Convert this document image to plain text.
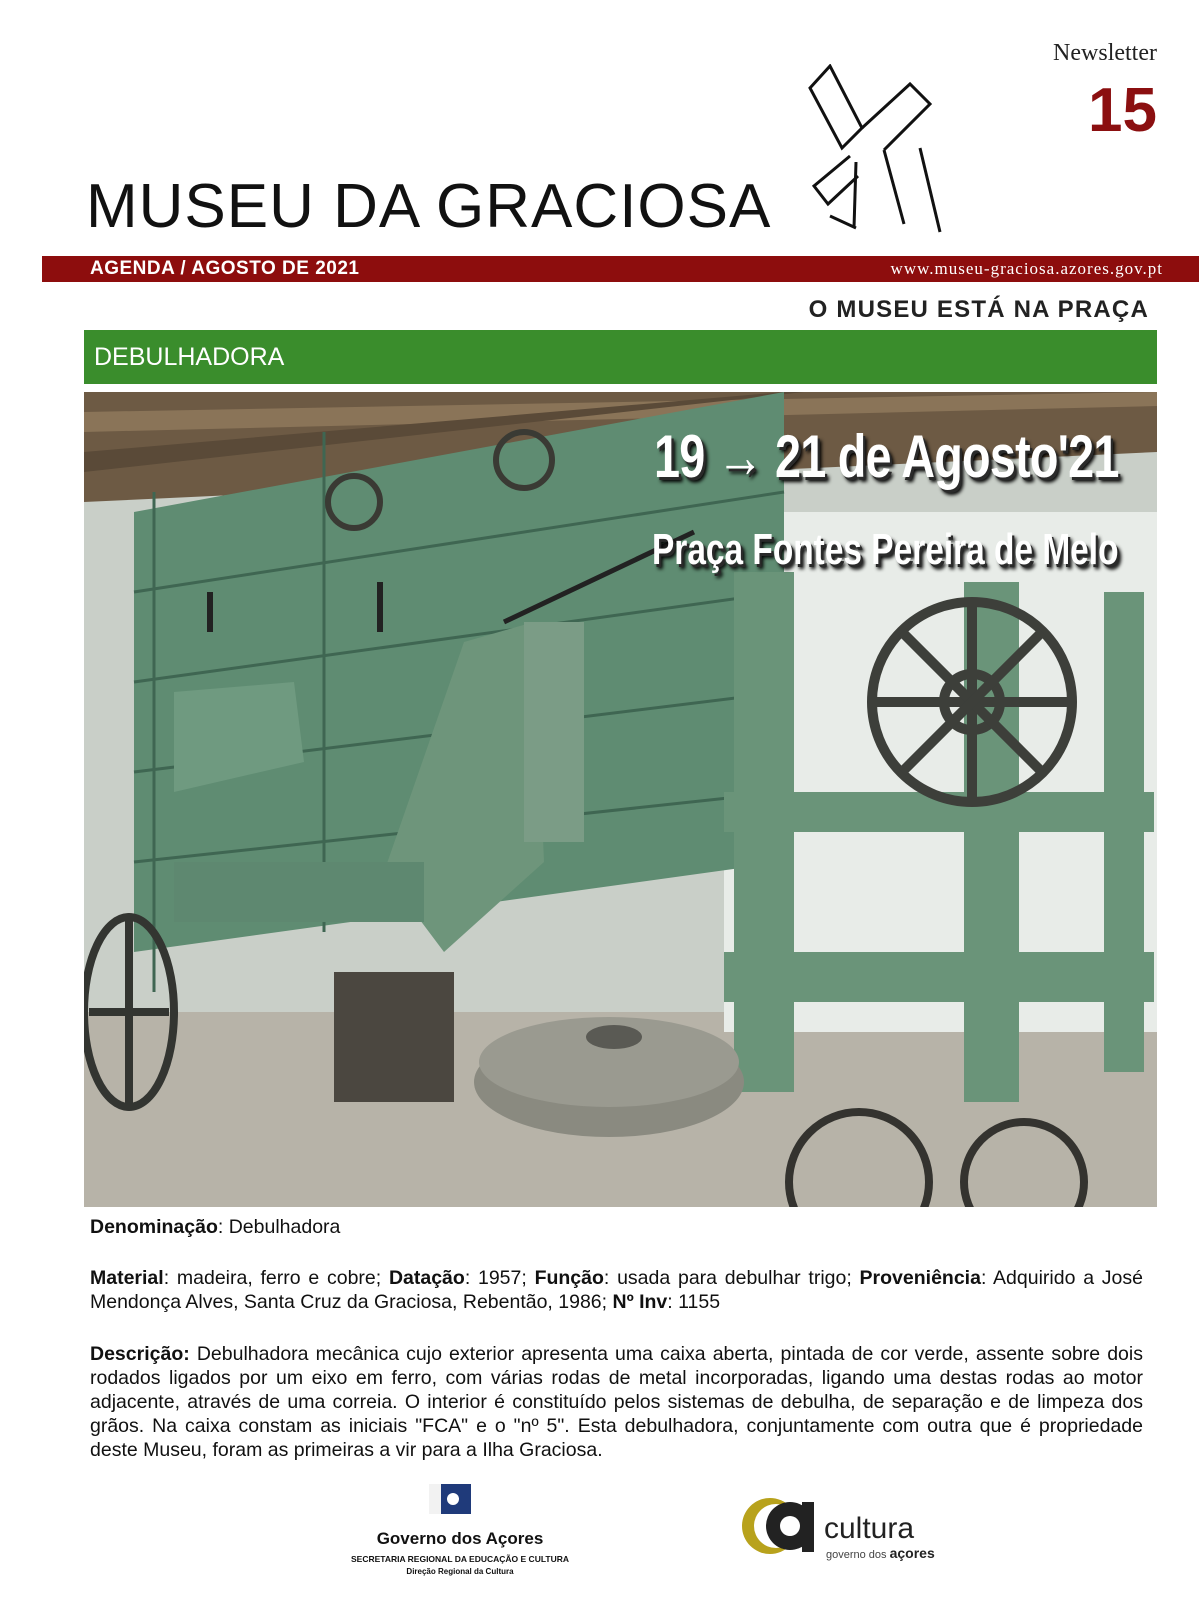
Newsletter
15
MUSEU DA GRACIOSA
AGENDA / AGOSTO DE 2021	www.museu-graciosa.azores.gov.pt
O MUSEU ESTÁ NA PRAÇA
DEBULHADORA
19 → 21 de Agosto'21
Praça Fontes Pereira de Melo
Denominação: Debulhadora
Material: madeira, ferro e cobre; Datação: 1957; Função: usada para debulhar trigo; Proveniência: Adquirido a José Mendonça Alves, Santa Cruz da Graciosa, Rebentão, 1986; Nº Inv: 1155
Descrição: Debulhadora mecânica cujo exterior apresenta uma caixa aberta, pintada de cor verde, assente sobre dois rodados ligados por um eixo em ferro, com várias rodas de metal incorporadas, ligando uma destas rodas ao motor adjacente, através de uma correia. O interior é constituído pelos sistemas de debulha, de separação e de limpeza dos grãos. Na caixa constam as iniciais "FCA" e o "nº 5". Esta debulhadora, conjuntamente com outra que é propriedade deste Museu, foram as primeiras a vir para a Ilha Graciosa.
Governo dos Açores
SECRETARIA REGIONAL DA EDUCAÇÃO E CULTURA
Direção Regional da Cultura
cultura
governo dos açores
